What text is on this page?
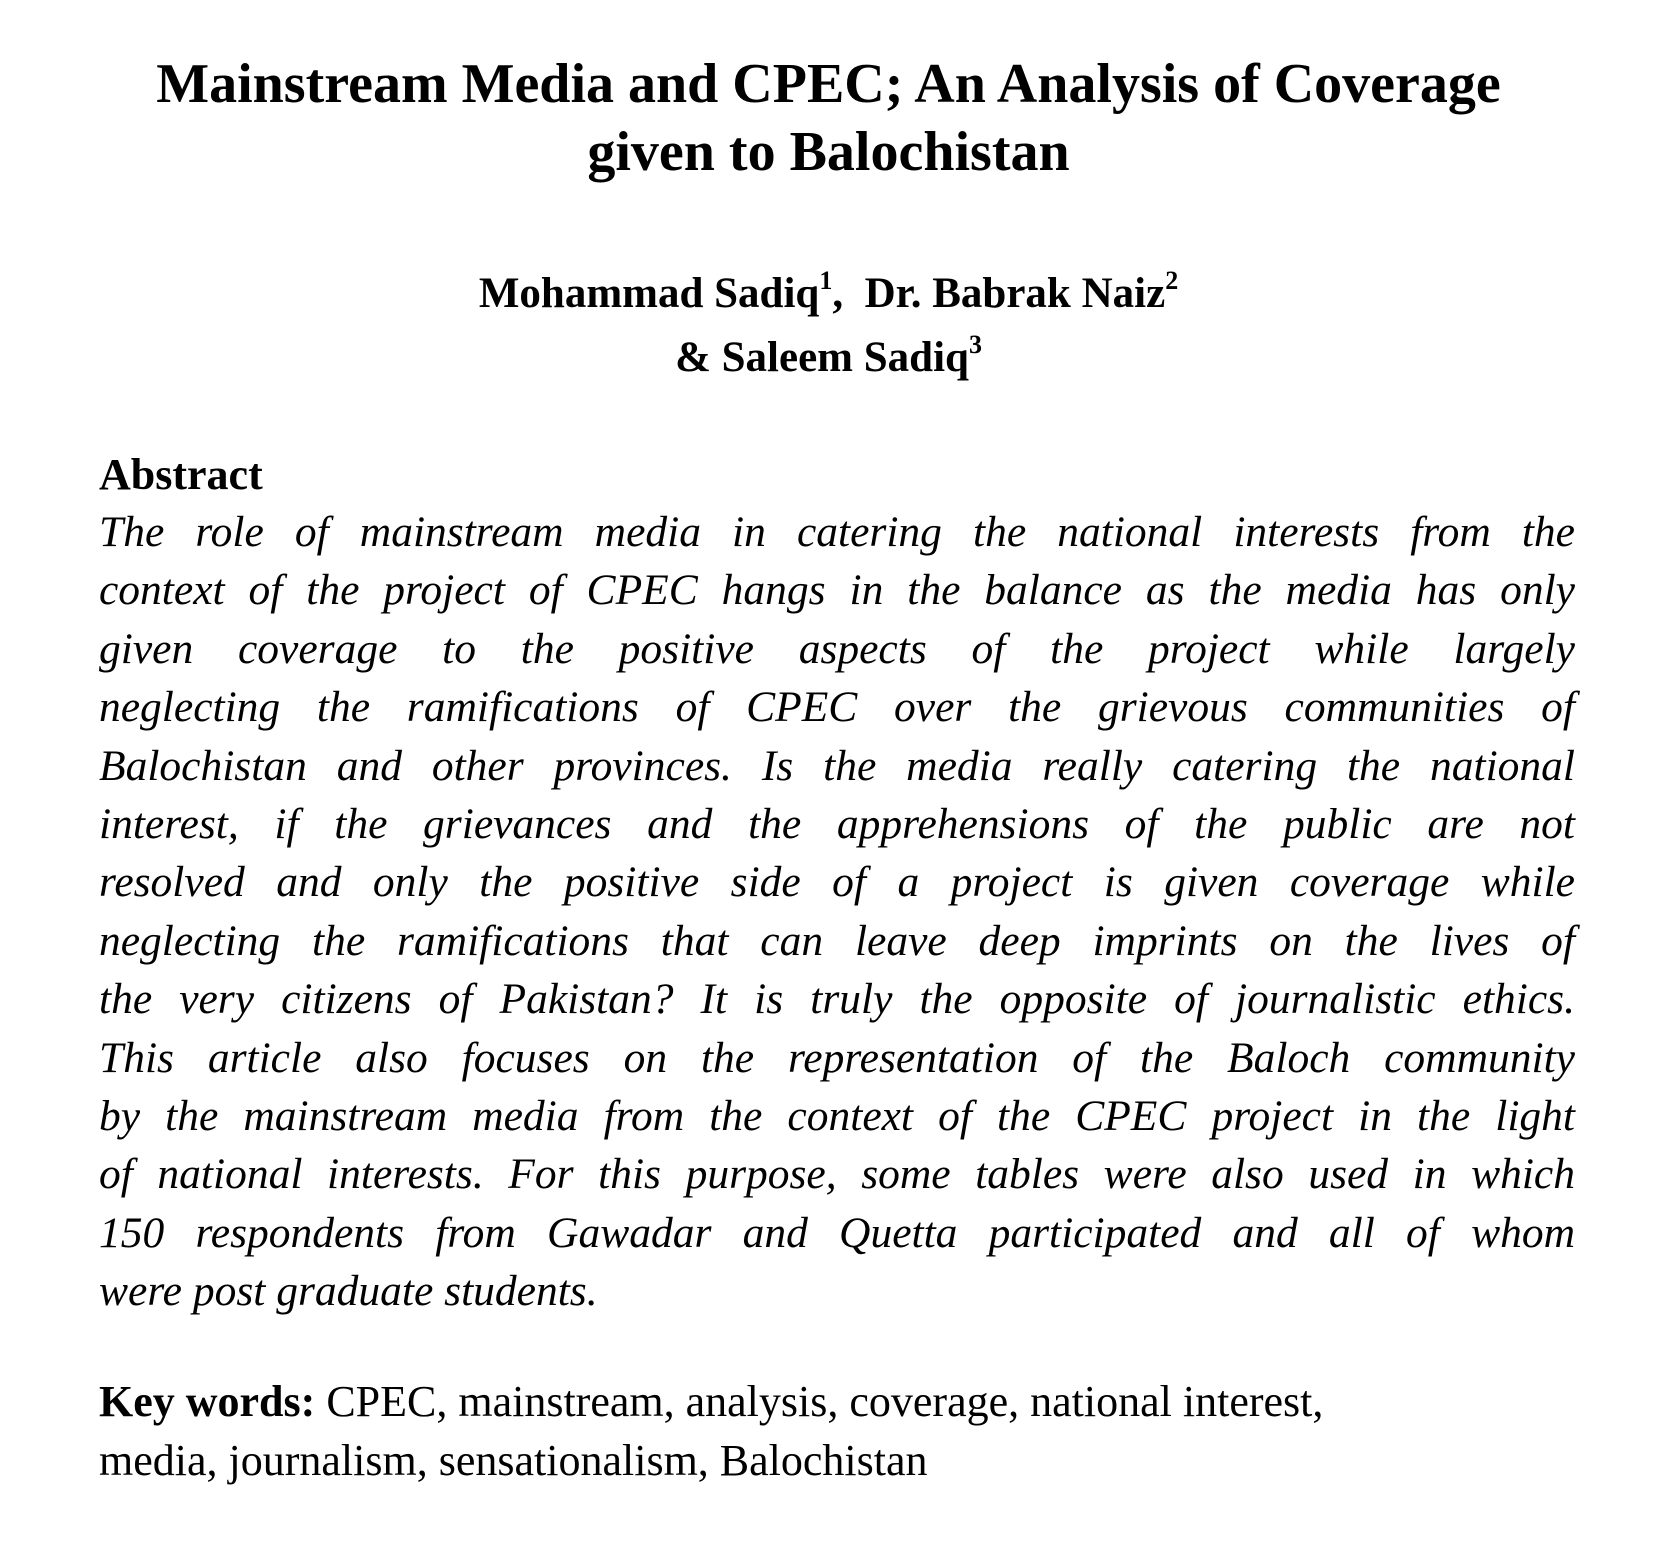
Mainstream Media and CPEC; An Analysis of Coverage
given to Balochistan
Mohammad Sadiq$^1$,  Dr. Babrak Naiz$^2$
& Saleem Sadiq$^3$
Abstract
The role of mainstream media in catering the national interests from the
context of the project of CPEC hangs in the balance as the media has only
given coverage to the positive aspects of the project while largely
neglecting the ramifications of CPEC over the grievous communities of
Balochistan and other provinces. Is the media really catering the national
interest, if the grievances and the apprehensions of the public are not
resolved and only the positive side of a project is given coverage while
neglecting the ramifications that can leave deep imprints on the lives of
the very citizens of Pakistan? It is truly the opposite of journalistic ethics.
This article also focuses on the representation of the Baloch community
by the mainstream media from the context of the CPEC project in the light
of national interests. For this purpose, some tables were also used in which
150 respondents from Gawadar and Quetta participated and all of whom
were post graduate students.
Key words: CPEC, mainstream, analysis, coverage, national interest,
media, journalism, sensationalism, Balochistan
